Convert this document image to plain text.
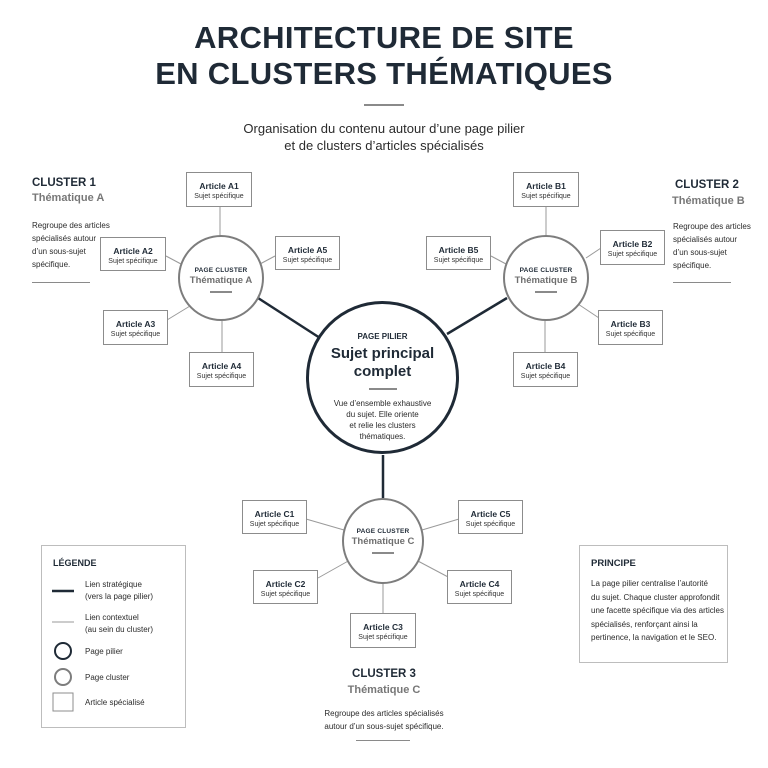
ARCHITECTURE DE SITE
EN CLUSTERS THÉMATIQUES
Organisation du contenu autour d’une page pilier
et de clusters d’articles spécialisés
CLUSTER 1
Thématique A
Regroupe des articles
spécialisés autour
d’un sous-sujet
spécifique.
CLUSTER 2
Thématique B
Regroupe des articles
spécialisés autour
d’un sous-sujet
spécifique.
CLUSTER 3
Thématique C
Regroupe des articles spécialisés
autour d’un sous-sujet spécifique.
Article A1
Sujet spécifique
Article A2
Sujet spécifique
Article A5
Sujet spécifique
Article A3
Sujet spécifique
Article A4
Sujet spécifique
Article B1
Sujet spécifique
Article B5
Sujet spécifique
Article B2
Sujet spécifique
Article B3
Sujet spécifique
Article B4
Sujet spécifique
Article C1
Sujet spécifique
Article C5
Sujet spécifique
Article C2
Sujet spécifique
Article C4
Sujet spécifique
Article C3
Sujet spécifique
PAGE CLUSTER
Thématique A
PAGE CLUSTER
Thématique B
PAGE CLUSTER
Thématique C
PAGE PILIER
Sujet principal
complet
Vue d’ensemble exhaustive
du sujet. Elle oriente
et relie les clusters
thématiques.
LÉGENDE
Lien stratégique
(vers la page pilier)
Lien contextuel
(au sein du cluster)
Page pilier
Page cluster
Article spécialisé
PRINCIPE
La page pilier centralise l’autorité
du sujet. Chaque cluster approfondit
une facette spécifique via des articles
spécialisés, renforçant ainsi la
pertinence, la navigation et le SEO.
